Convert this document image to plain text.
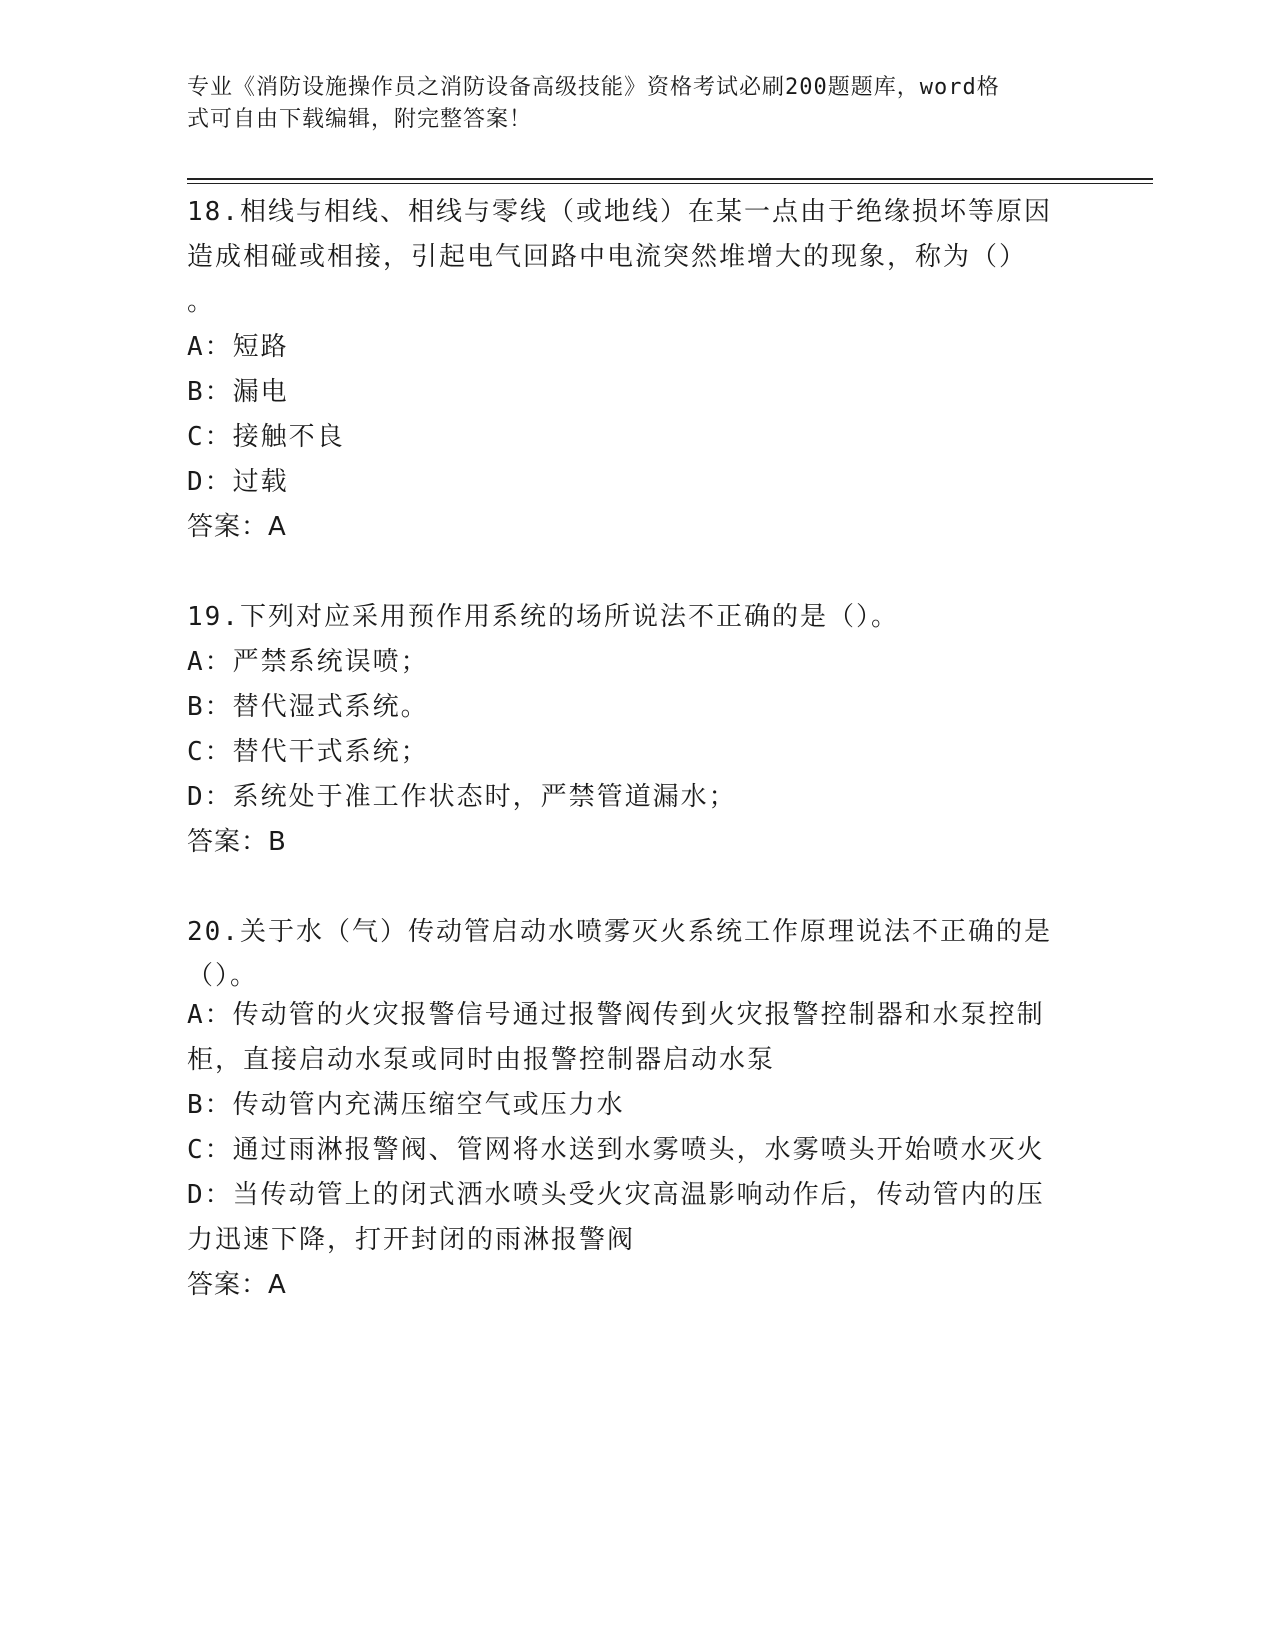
专业《消防设施操作员之消防设备高级技能》资格考试必刷200题题库，word格
式可自由下载编辑，附完整答案！
18.相线与相线、相线与零线（或地线）在某一点由于绝缘损坏等原因
造成相碰或相接，引起电气回路中电流突然堆增大的现象，称为（）
。
A：短路
B：漏电
C：接触不良
D：过载
答案：A
19.下列对应采用预作用系统的场所说法不正确的是（）。
A：严禁系统误喷；
B：替代湿式系统。
C：替代干式系统；
D：系统处于准工作状态时，严禁管道漏水；
答案：B
20.关于水（气）传动管启动水喷雾灭火系统工作原理说法不正确的是
（）。
A：传动管的火灾报警信号通过报警阀传到火灾报警控制器和水泵控制
柜，直接启动水泵或同时由报警控制器启动水泵
B：传动管内充满压缩空气或压力水
C：通过雨淋报警阀、管网将水送到水雾喷头，水雾喷头开始喷水灭火
D：当传动管上的闭式洒水喷头受火灾高温影响动作后，传动管内的压
力迅速下降，打开封闭的雨淋报警阀
答案：A
